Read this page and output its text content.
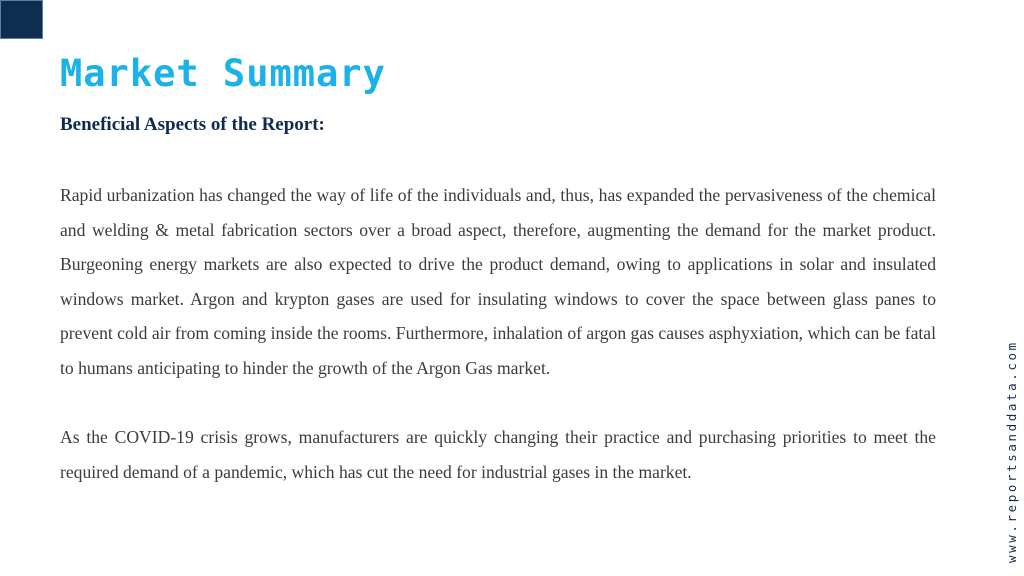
Market Summary
Beneficial Aspects of the Report:

Rapid urbanization has changed the way of life of the individuals and, thus, has expanded the pervasiveness of the chemical and welding & metal fabrication sectors over a broad aspect, therefore, augmenting the demand for the market product. Burgeoning energy markets are also expected to drive the product demand, owing to applications in solar and insulated windows market. Argon and krypton gases are used for insulating windows to cover the space between glass panes to prevent cold air from coming inside the rooms. Furthermore, inhalation of argon gas causes asphyxiation, which can be fatal to humans anticipating to hinder the growth of the Argon Gas market.

As the COVID-19 crisis grows, manufacturers are quickly changing their practice and purchasing priorities to meet the required demand of a pandemic, which has cut the need for industrial gases in the market.	www.reportsanddata.com
